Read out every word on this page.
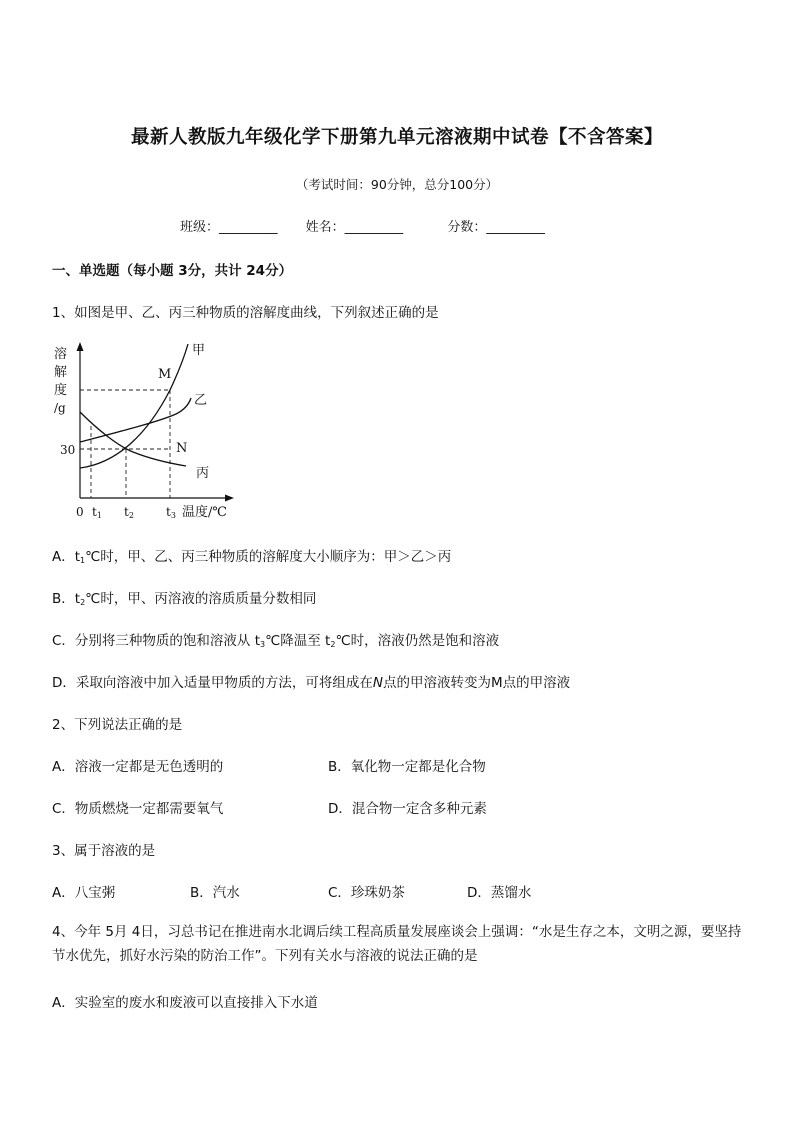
最新人教版九年级化学下册第九单元溶液期中试卷【不含答案】
（考试时间：90分钟，总分100分）
班级：_________ 姓名：_________	分数：_________
一、单选题（每小题 3分，共计 24分）
1、如图是甲、乙、丙三种物质的溶解度曲线，下列叙述正确的是
溶
解
度
/g
30
0 t1 t2	t3 温度/℃
M
N
甲
乙
丙
A．$t_1℃$时，甲、乙、丙三种物质的溶解度大小顺序为：甲＞乙＞丙
B．$t_2℃$时，甲、丙溶液的溶质质量分数相同
C．分别将三种物质的饱和溶液从 $t_3℃$降温至 $t_2℃$时，溶液仍然是饱和溶液
D．采取向溶液中加入适量甲物质的方法，可将组成在N点的甲溶液转变为M点的甲溶液
2、下列说法正确的是
A．溶液一定都是无色透明的	B．氧化物一定都是化合物
C．物质燃烧一定都需要氧气	D．混合物一定含多种元素
3、属于溶液的是
A．八宝粥	B．汽水	C．珍珠奶茶	D．蒸馏水
4、今年 5月 4日，习总书记在推进南水北调后续工程高质量发展座谈会上强调：“水是生存之本，文明之源，要坚持节水优先，抓好水污染的防治工作”。下列有关水与溶液的说法正确的是
A．实验室的废水和废液可以直接排入下水道
